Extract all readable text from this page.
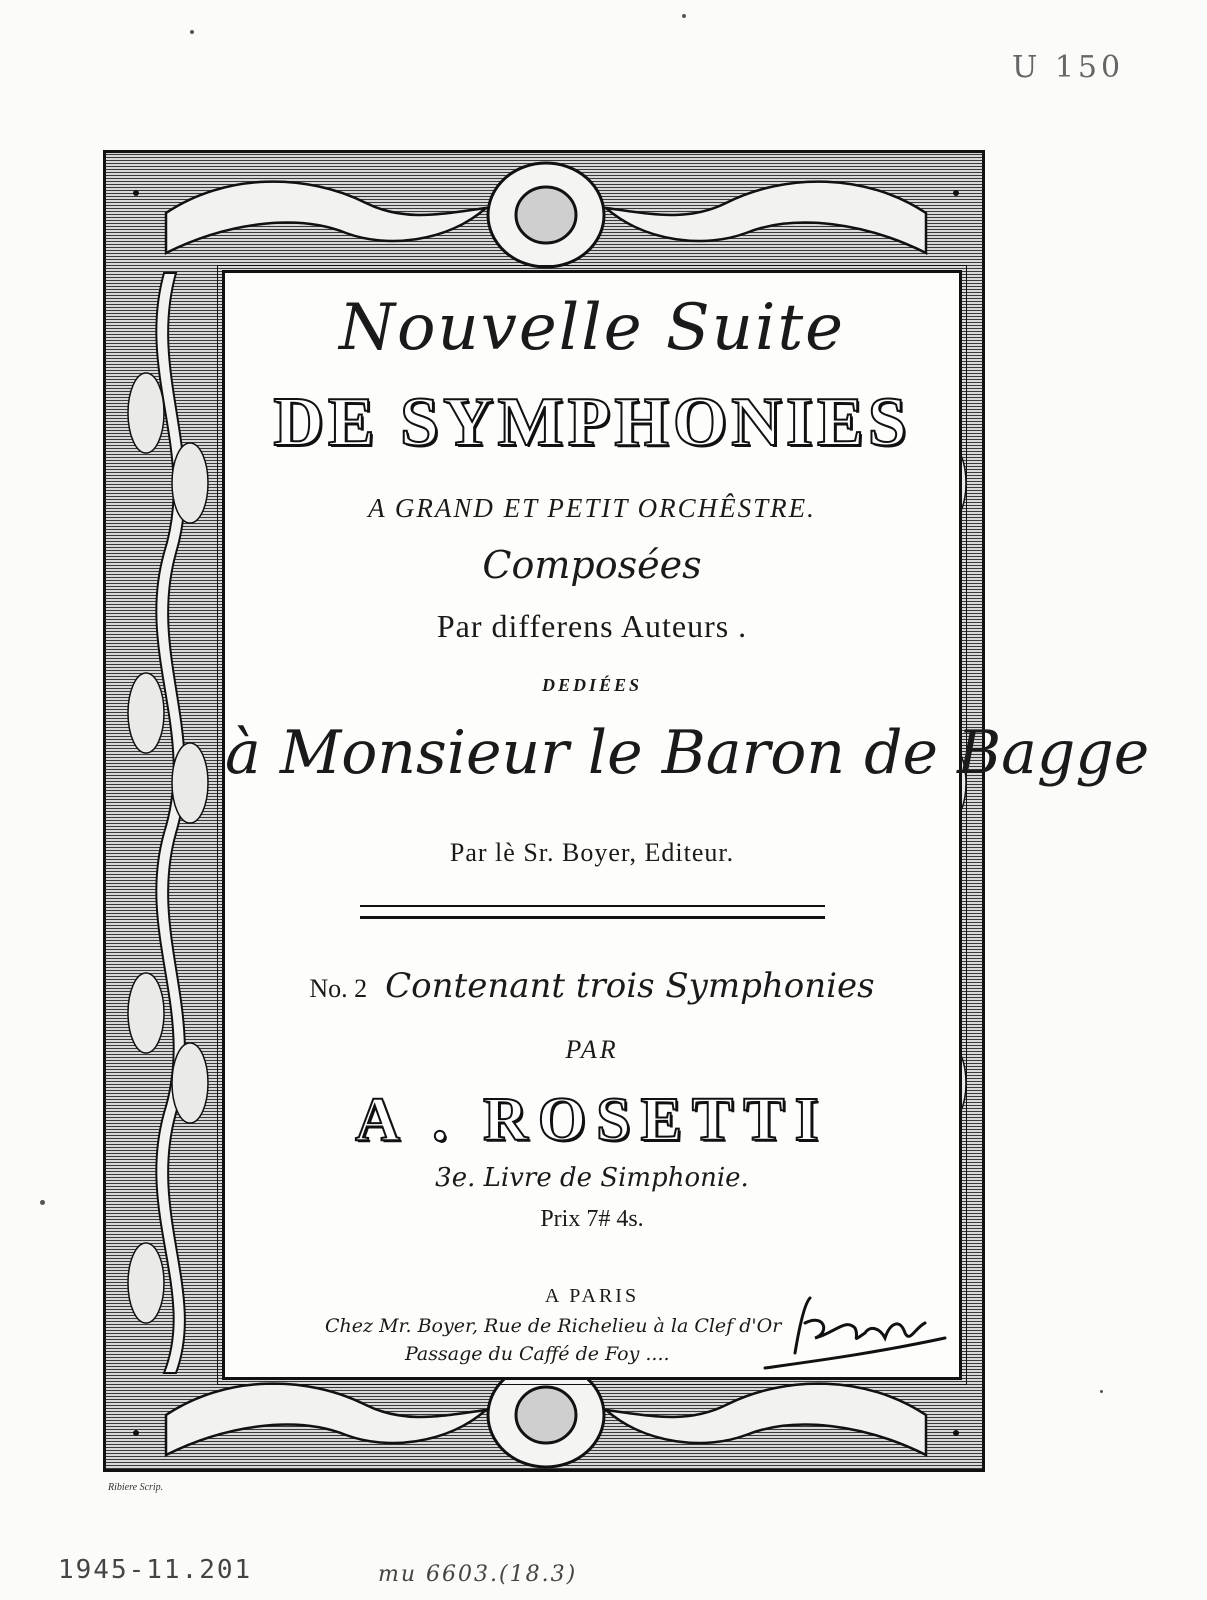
U 150
Nouvelle Suite
DE SYMPHONIES
A GRAND ET PETIT ORCHÊSTRE.
Composées
Par differens Auteurs .
DEDIÉES
à Monsieur le Baron de Bagge
Par lè Sr. Boyer, Editeur.
No. 2 Contenant trois Symphonies
PAR
A . ROSETTI
3e. Livre de Simphonie.
Prix 7# 4s.
A PARIS
Chez Mr. Boyer, Rue de Richelieu à la Clef d'Or
Passage du Caffé de Foy ....
Ribiere Scrip.
1945-11.201	mu 6603.(18.3)
